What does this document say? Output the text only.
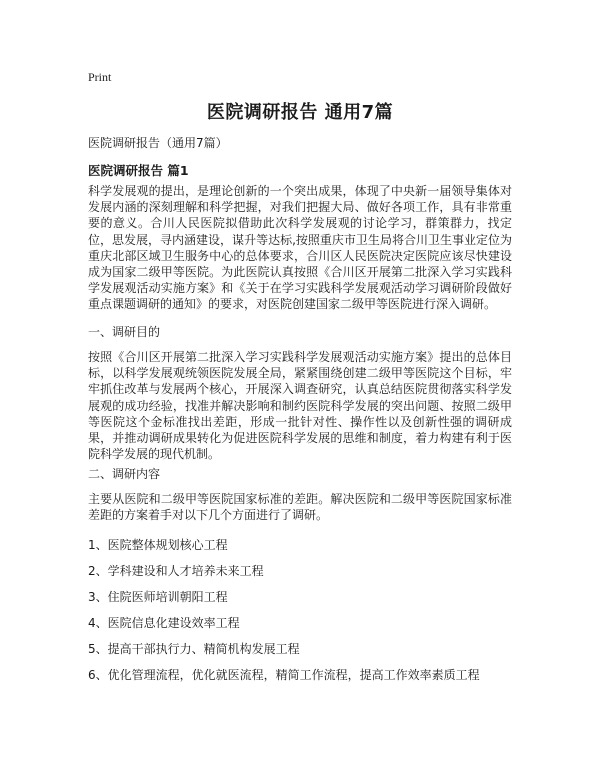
Print
医院调研报告 通用7篇
医院调研报告（通用7篇）
医院调研报告 篇1

科学发展观的提出，是理论创新的一个突出成果，体现了中央新一届领导集体对发展内涵的深刻理解和科学把握，对我们把握大局、做好各项工作，具有非常重要的意义。合川人民医院拟借助此次科学发展观的讨论学习，群策群力，找定位，思发展，寻内涵建设，谋升等达标,按照重庆市卫生局将合川卫生事业定位为重庆北部区域卫生服务中心的总体要求，合川区人民医院决定医院应该尽快建设成为国家二级甲等医院。为此医院认真按照《合川区开展第二批深入学习实践科学发展观活动实施方案》和《关于在学习实践科学发展观活动学习调研阶段做好重点课题调研的通知》的要求，对医院创建国家二级甲等医院进行深入调研。

一、调研目的

按照《合川区开展第二批深入学习实践科学发展观活动实施方案》提出的总体目标，以科学发展观统领医院发展全局，紧紧围绕创建二级甲等医院这个目标，牢牢抓住改革与发展两个核心，开展深入调查研究，认真总结医院贯彻落实科学发展观的成功经验，找准并解决影响和制约医院科学发展的突出问题、按照二级甲等医院这个金标准找出差距，形成一批针对性、操作性以及创新性强的调研成果，并推动调研成果转化为促进医院科学发展的思维和制度，着力构建有利于医院科学发展的现代机制。

二、调研内容

主要从医院和二级甲等医院国家标准的差距。解决医院和二级甲等医院国家标准差距的方案着手对以下几个方面进行了调研。

1、医院整体规划核心工程
2、学科建设和人才培养未来工程
3、住院医师培训朝阳工程
4、医院信息化建设效率工程
5、提高干部执行力、精简机构发展工程
6、优化管理流程，优化就医流程，精简工作流程，提高工作效率素质工程
